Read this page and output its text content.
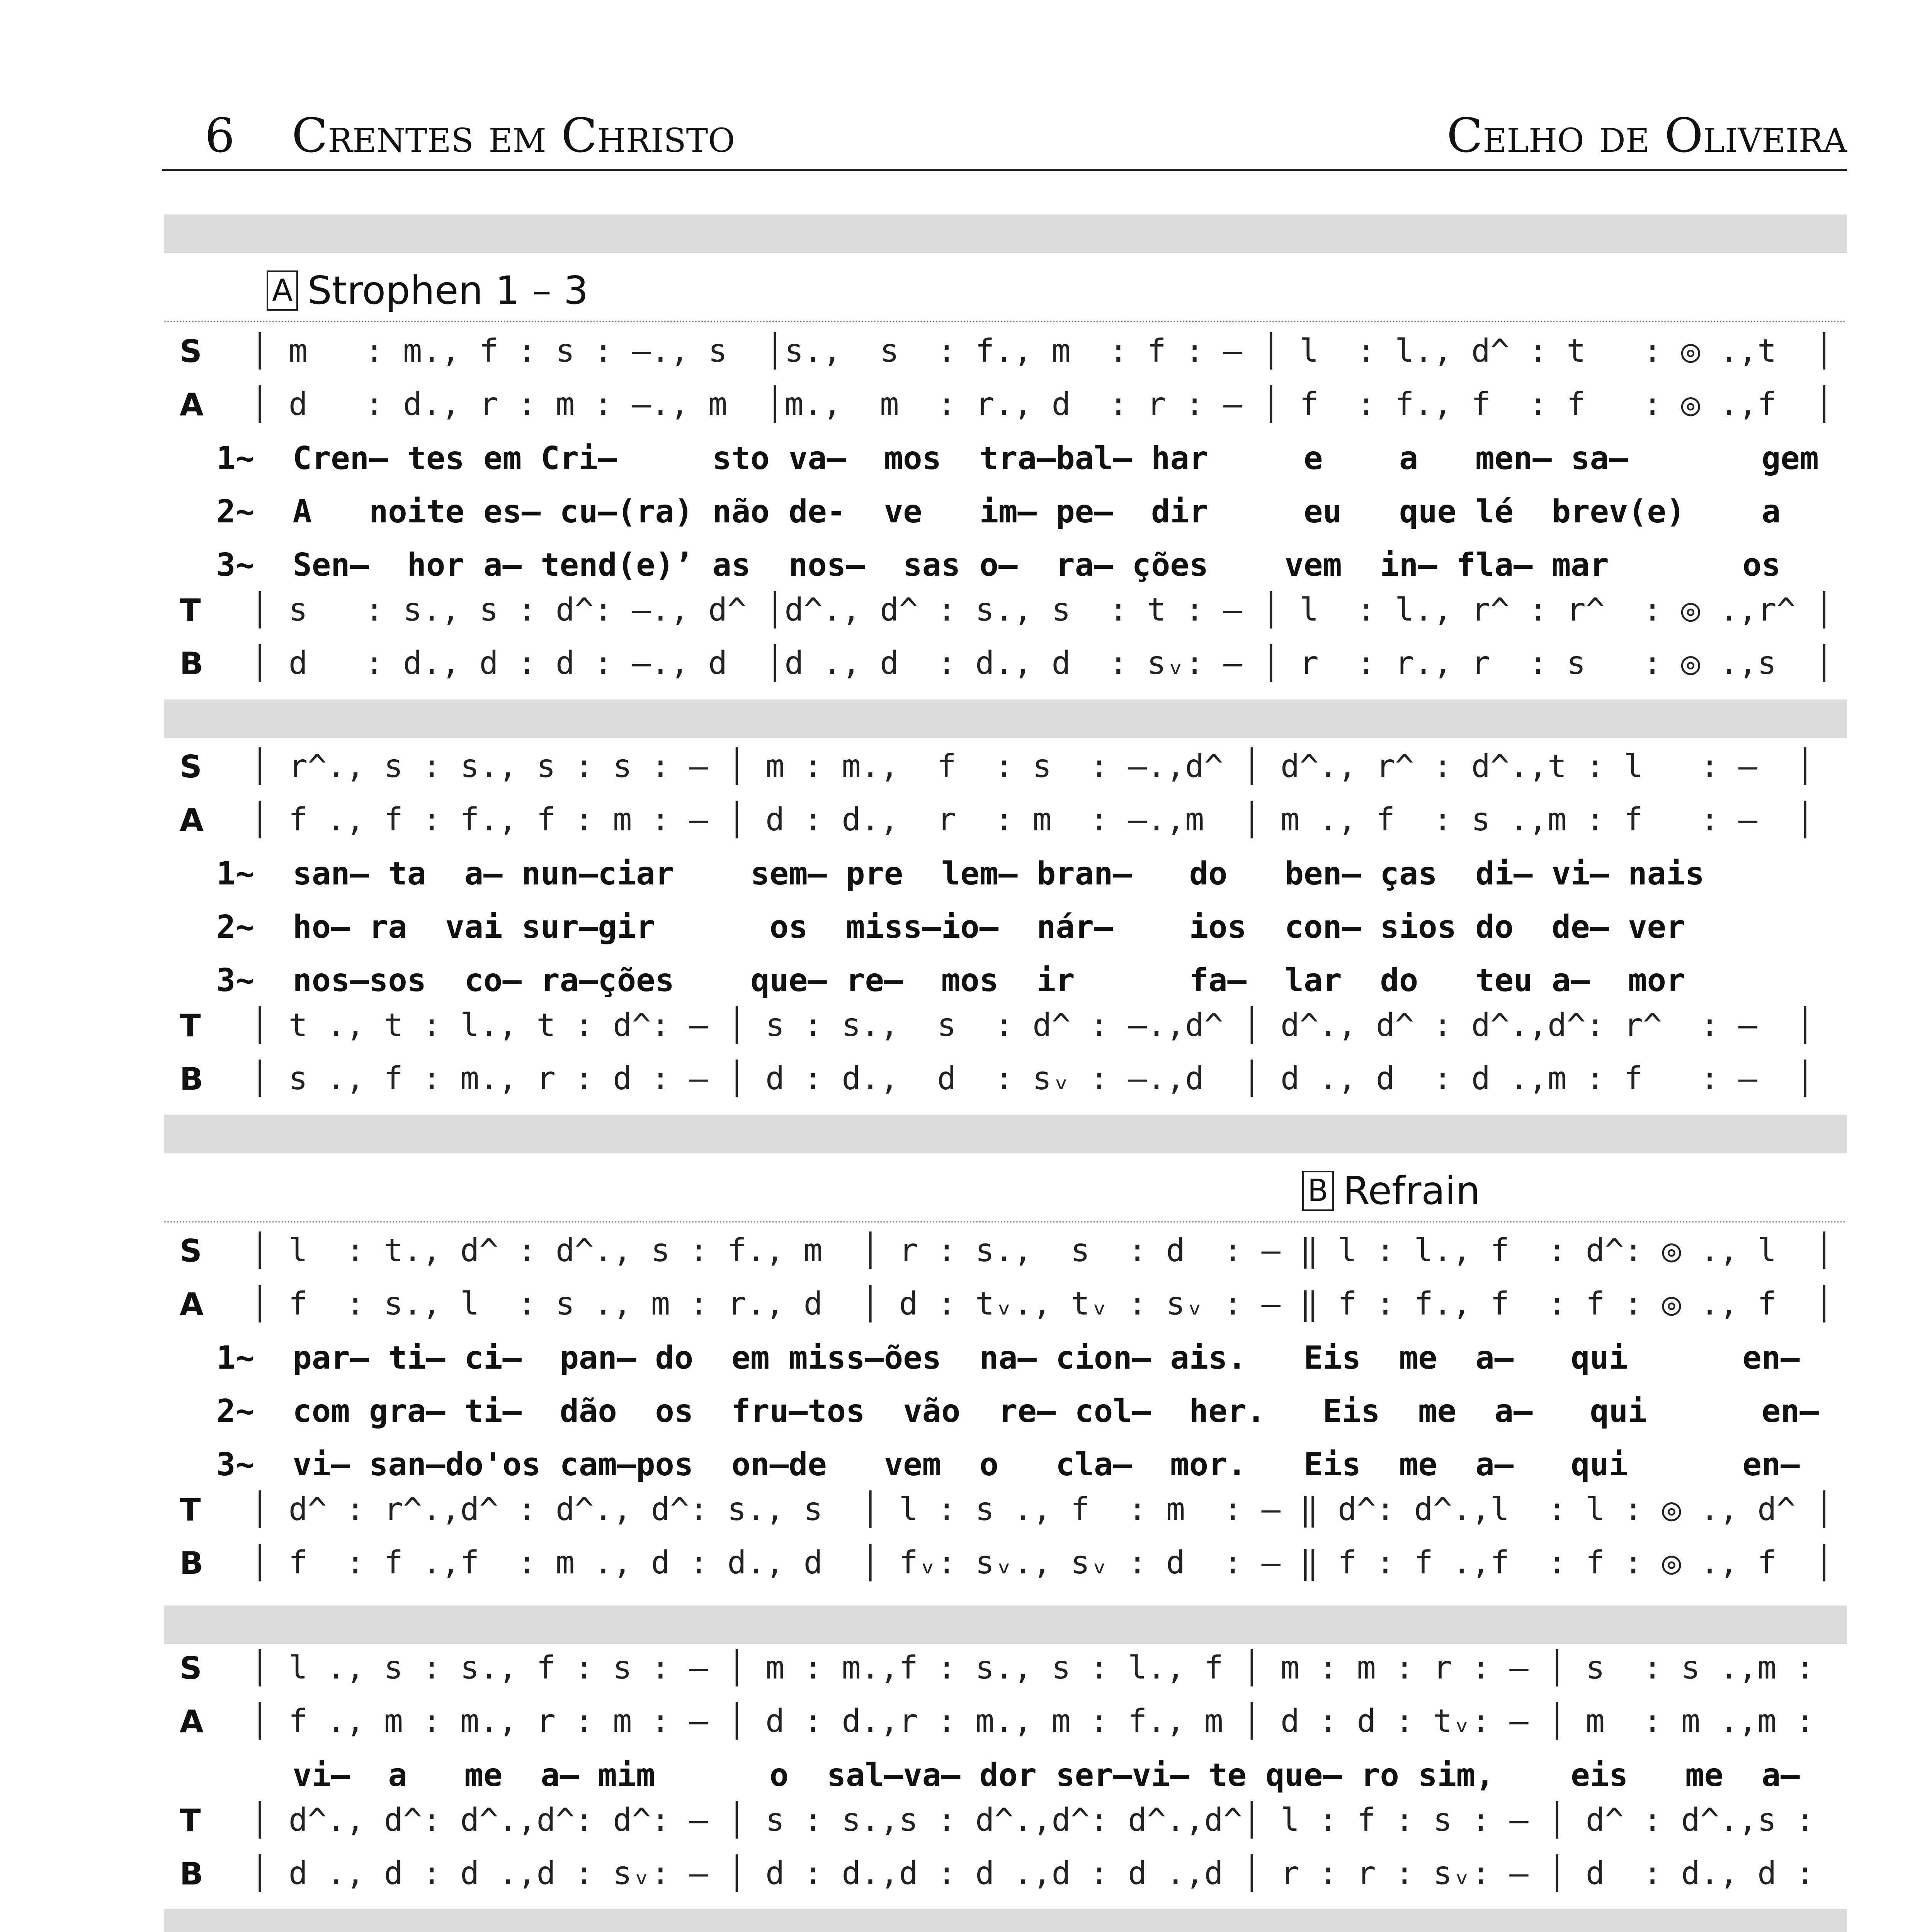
6 Crentes em Christo	Celho de Oliveira
A Strophen 1 – 3
B Refrain
S │ m   : m., f : s : –., s  │s.,  s  : f., m  : f : – │ l  : l., d^ : t   : ◎ .,t  │
A │ d   : d., r : m : –., m  │m.,  m  : r., d  : r : – │ f  : f., f  : f   : ◎ .,f  │
1~  Cren– tes em Cri–     sto va–  mos  tra–bal– har     e    a   men– sa–       gem
2~  A   noite es– cu–(ra) não de-  ve   im– pe–  dir     eu   que lé  brev(e)    a
3~  Sen–  hor a– tend(e)’ as  nos–  sas o–  ra– ções    vem  in– fla– mar       os
T │ s   : s., s : d^: –., d^ │d^., d^ : s., s  : t : – │ l  : l., r^ : r^  : ◎ .,r^ │
B │ d   : d., d : d : –., d  │d ., d  : d., d  : sᵥ: – │ r  : r., r  : s   : ◎ .,s  │
S │ r^., s : s., s : s : – │ m : m.,  f  : s  : –.,d^ │ d^., r^ : d^.,t : l   : –  │
A │ f ., f : f., f : m : – │ d : d.,  r  : m  : –.,m  │ m ., f  : s .,m : f   : –  │
1~  san– ta  a– nun–ciar    sem– pre  lem– bran–   do   ben– ças  di– vi– nais
2~  ho– ra  vai sur–gir      os  miss–io–  nár–    ios  con– sios do  de– ver
3~  nos–sos  co– ra–ções    que– re–  mos  ir      fa–  lar  do   teu a–  mor
T │ t ., t : l., t : d^: – │ s : s.,  s  : d^ : –.,d^ │ d^., d^ : d^.,d^: r^  : –  │
B │ s ., f : m., r : d : – │ d : d.,  d  : sᵥ : –.,d  │ d ., d  : d .,m : f   : –  │
S │ l  : t., d^ : d^., s : f., m  │ r : s.,  s  : d  : – ‖ l : l., f  : d^: ◎ ., l  │
A │ f  : s., l  : s ., m : r., d  │ d : tᵥ., tᵥ : sᵥ : – ‖ f : f., f  : f : ◎ ., f  │
1~  par– ti– ci–  pan– do  em miss–ões  na– cion– ais.   Eis  me  a–   qui      en–
2~  com gra– ti–  dão  os  fru–tos  vão  re– col–  her.   Eis  me  a–   qui      en–
3~  vi– san–do'os cam–pos  on–de   vem  o   cla–  mor.   Eis  me  a–   qui      en–
T │ d^ : r^.,d^ : d^., d^: s., s  │ l : s ., f  : m  : – ‖ d^: d^.,l  : l : ◎ ., d^ │
B │ f  : f .,f  : m ., d : d., d  │ fᵥ: sᵥ., sᵥ : d  : – ‖ f : f .,f  : f : ◎ ., f  │
S │ l ., s : s., f : s : – │ m : m.,f : s., s : l., f │ m : m : r : – │ s  : s .,m :
A │ f ., m : m., r : m : – │ d : d.,r : m., m : f., m │ d : d : tᵥ: – │ m  : m .,m :
vi–  a   me  a– mim      o  sal–va– dor ser–vi– te que– ro sim,    eis   me  a–
T │ d^., d^: d^.,d^: d^: – │ s : s.,s : d^.,d^: d^.,d^│ l : f : s : – │ d^ : d^.,s :
B │ d ., d : d .,d : sᵥ: – │ d : d.,d : d .,d : d .,d │ r : r : sᵥ: – │ d  : d., d :
